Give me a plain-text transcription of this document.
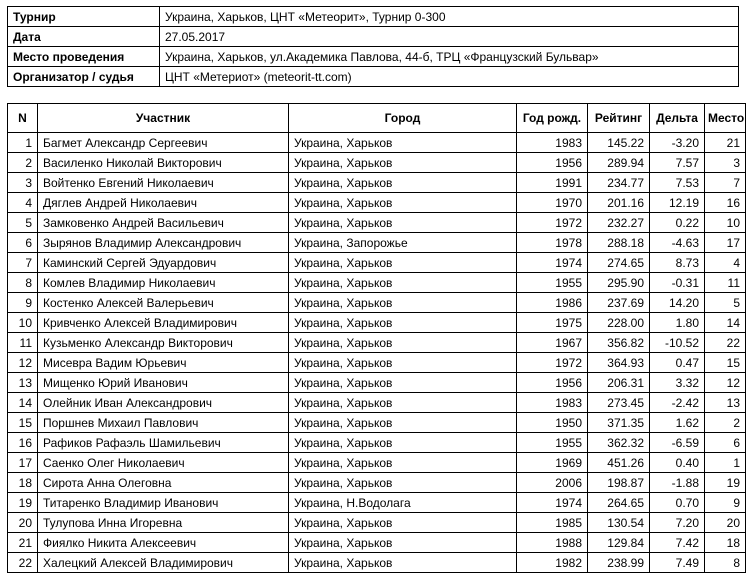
Турнир	Украина, Харьков, ЦНТ «Метеорит», Турнир 0-300
Дата	27.05.2017
Место проведения	Украина, Харьков, ул.Академика Павлова, 44-б, ТРЦ «Французский Бульвар»
Организатор / судья	ЦНТ «Метериот» (meteorit-tt.com)
N	Участник	Город	Год рожд.	Рейтинг	Дельта	Место
1	Багмет Александр Сергеевич	Украина, Харьков	1983	145.22	-3.20	21
2	Василенко Николай Викторович	Украина, Харьков	1956	289.94	7.57	3
3	Войтенко Евгений Николаевич	Украина, Харьков	1991	234.77	7.53	7
4	Дяглев Андрей Николаевич	Украина, Харьков	1970	201.16	12.19	16
5	Замковенко Андрей Васильевич	Украина, Харьков	1972	232.27	0.22	10
6	Зырянов Владимир Александрович	Украина, Запорожье	1978	288.18	-4.63	17
7	Каминский Сергей Эдуардович	Украина, Харьков	1974	274.65	8.73	4
8	Комлев Владимир Николаевич	Украина, Харьков	1955	295.90	-0.31	11
9	Костенко Алексей Валерьевич	Украина, Харьков	1986	237.69	14.20	5
10	Кривченко Алексей Владимирович	Украина, Харьков	1975	228.00	1.80	14
11	Кузьменко Александр Викторович	Украина, Харьков	1967	356.82	-10.52	22
12	Мисевра Вадим Юрьевич	Украина, Харьков	1972	364.93	0.47	15
13	Мищенко Юрий Иванович	Украина, Харьков	1956	206.31	3.32	12
14	Олейник Иван Александрович	Украина, Харьков	1983	273.45	-2.42	13
15	Поршнев Михаил Павлович	Украина, Харьков	1950	371.35	1.62	2
16	Рафиков Рафаэль Шамильевич	Украина, Харьков	1955	362.32	-6.59	6
17	Саенко Олег Николаевич	Украина, Харьков	1969	451.26	0.40	1
18	Сирота Анна Олеговна	Украина, Харьков	2006	198.87	-1.88	19
19	Титаренко Владимир Иванович	Украина, Н.Водолага	1974	264.65	0.70	9
20	Тулупова Инна Игоревна	Украина, Харьков	1985	130.54	7.20	20
21	Фиялко Никита Алексеевич	Украина, Харьков	1988	129.84	7.42	18
22	Халецкий Алексей Владимирович	Украина, Харьков	1982	238.99	7.49	8
